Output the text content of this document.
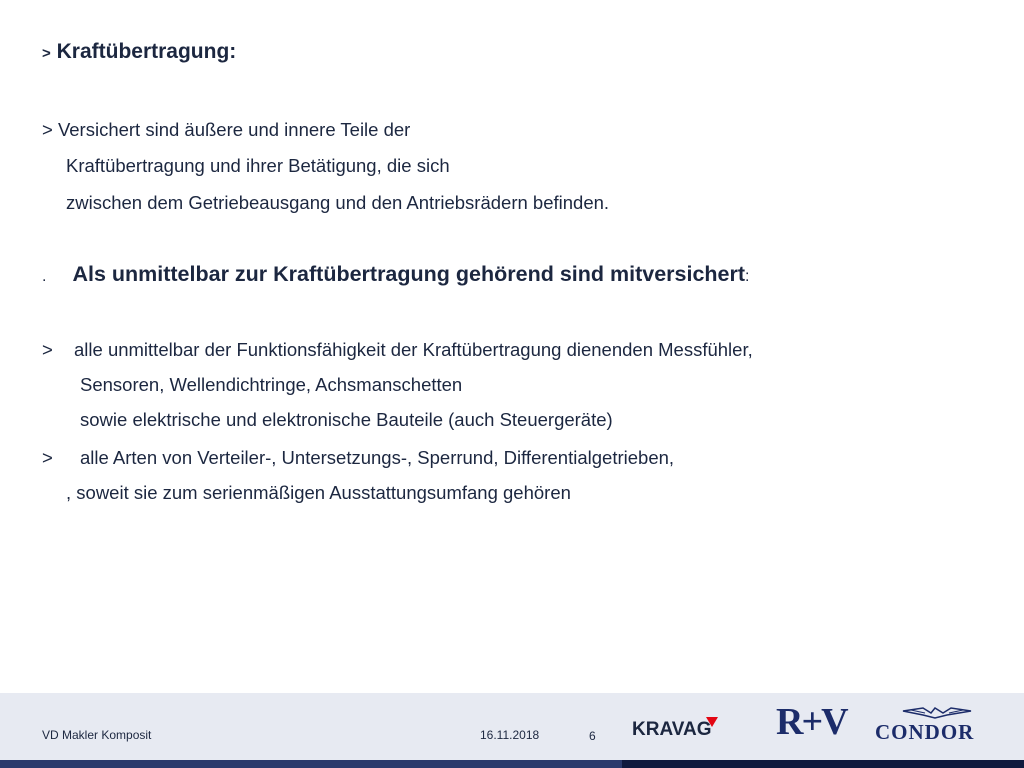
> Kraftübertragung:
> Versichert sind äußere und innere Teile der
Kraftübertragung und ihrer Betätigung, die sich
zwischen dem Getriebeausgang und den Antriebsrädern befinden.
. Als unmittelbar zur Kraftübertragung gehörend sind mitversichert:
> alle unmittelbar der Funktionsfähigkeit der Kraftübertragung dienenden Messfühler,
Sensoren, Wellendichtringe, Achsmanschetten
sowie elektrische und elektronische Bauteile (auch Steuergeräte)
> alle Arten von Verteiler-, Untersetzungs-, Sperrund, Differentialgetrieben,
, soweit sie zum serienmäßigen Ausstattungsumfang gehören
VD Makler Komposit	16.11.2018	6 KRAVAG R+V CONDOR
